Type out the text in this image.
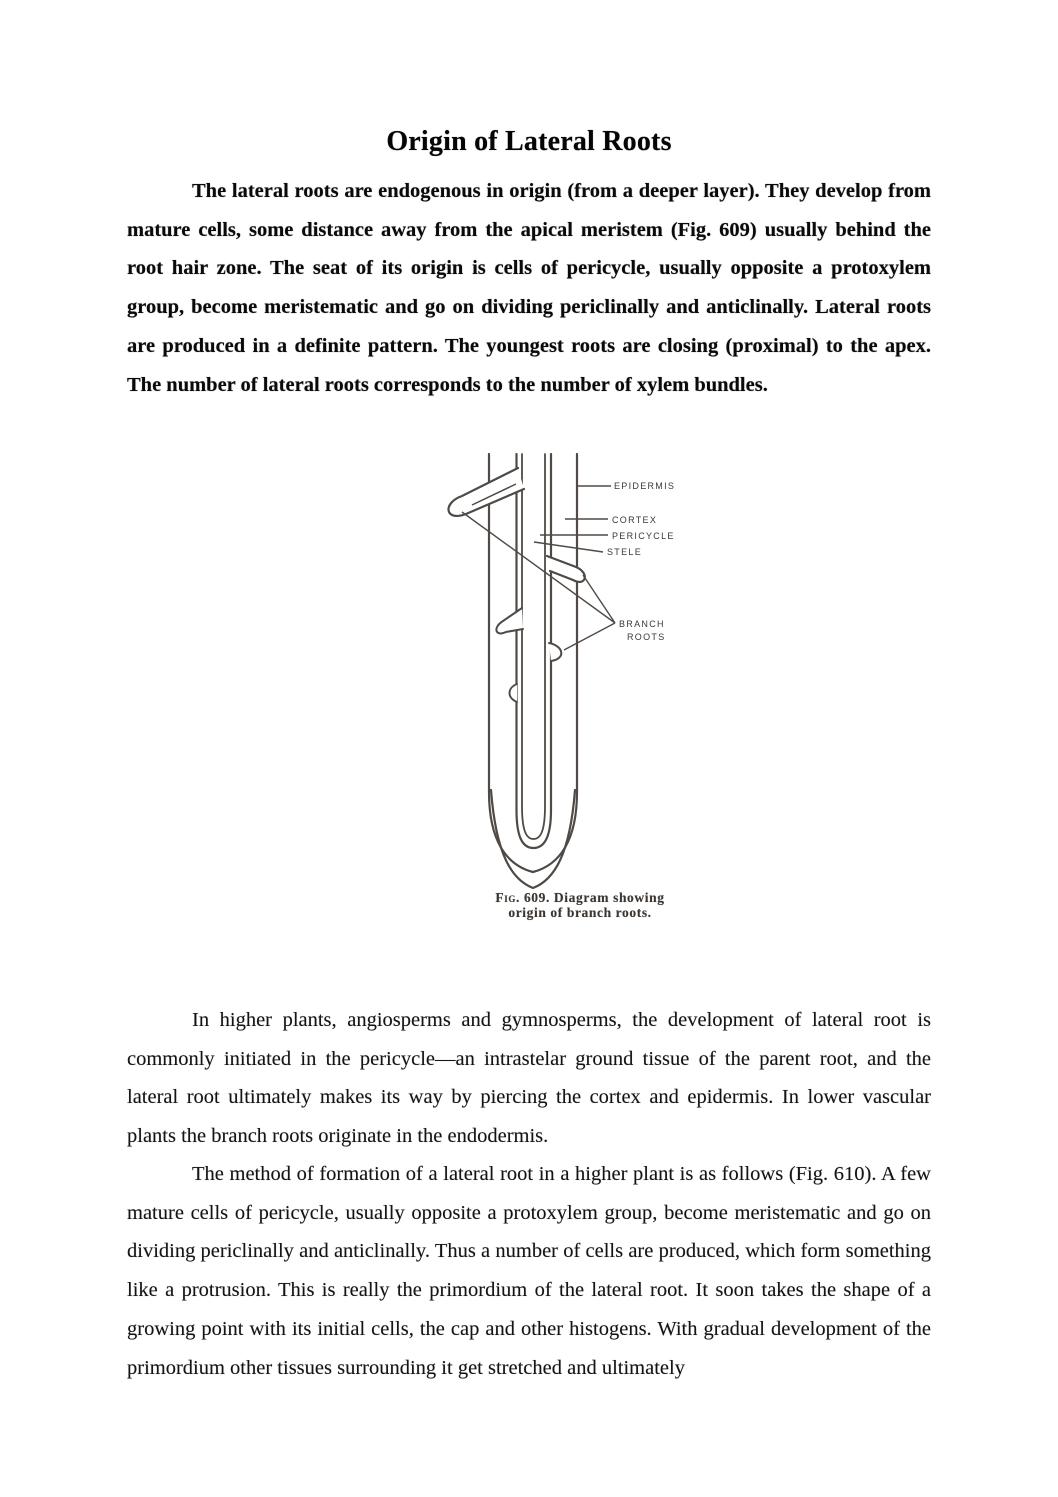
Origin of Lateral Roots

The lateral roots are endogenous in origin (from a deeper layer). They develop from mature cells, some distance away from the apical meristem (Fig. 609) usually behind the root hair zone. The seat of its origin is cells of pericycle, usually opposite a protoxylem group, become meristematic and go on dividing periclinally and anticlinally. Lateral roots are produced in a definite pattern. The youngest roots are closing (proximal) to the apex. The number of lateral roots corresponds to the number of xylem bundles.

EPIDERMIS
CORTEX
PERICYCLE
STELE
BRANCH
ROOTS
Fig. 609. Diagram showing
origin of branch roots.

In higher plants, angiosperms and gymnosperms, the development of lateral root is commonly initiated in the pericycle—an intrastelar ground tissue of the parent root, and the lateral root ultimately makes its way by piercing the cortex and epidermis. In lower vascular plants the branch roots originate in the endodermis.

The method of formation of a lateral root in a higher plant is as follows (Fig. 610). A few mature cells of pericycle, usually opposite a protoxylem group, become meristematic and go on dividing periclinally and anticlinally. Thus a number of cells are produced, which form something like a protrusion. This is really the primordium of the lateral root. It soon takes the shape of a growing point with its initial cells, the cap and other histogens. With gradual development of the primordium other tissues surrounding it get stretched and ultimately
